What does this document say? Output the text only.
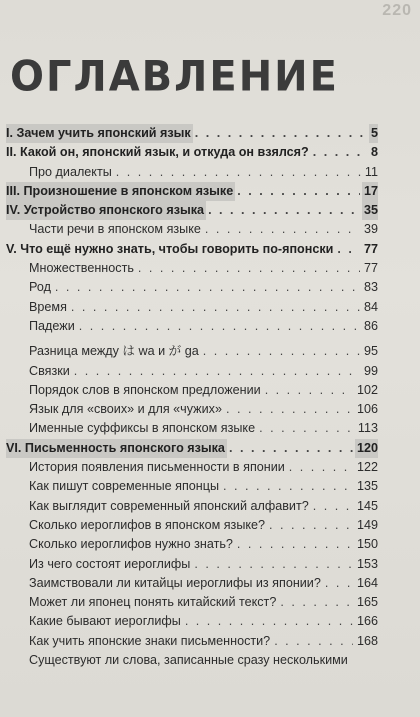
220
ОГЛАВЛЕНИЕ
I. Зачем учить японский язык . . .	5
II. Какой он, японский язык, и откуда он взялся? . . .	8
Про диалекты . . .	11
III. Произношение в японском языке . . .	17
IV. Устройство японского языка . . .	35
Части речи в японском языке . . .	39
V. Что ещё нужно знать, чтобы говорить по-японски . . . 77
Множественность . . .	77
Род . . .	83
Время . . .	84
Падежи . . .	86
Разница между は wa и が ga . . .	95
Связки . . .	99
Порядок слов в японском предложении . . .	102
Язык для «своих» и для «чужих» . . .	106
Именные суффиксы в японском языке . . .	113
VI. Письменность японского языка . . .	120
История появления письменности в японии . . .	122
Как пишут современные японцы . . .	135
Как выглядит современный японский алфавит? . . .	145
Сколько иероглифов в японском языке? . . .	149
Сколько иероглифов нужно знать? . . .	150
Из чего состоят иероглифы . . .	153
Заимствовали ли китайцы иероглифы из японии? . . .	164
Может ли японец понять китайский текст? . . .	165
Какие бывают иероглифы . . .	166
Как учить японские знаки письменности? . . .	168
Существуют ли слова, записанные сразу несколькими
